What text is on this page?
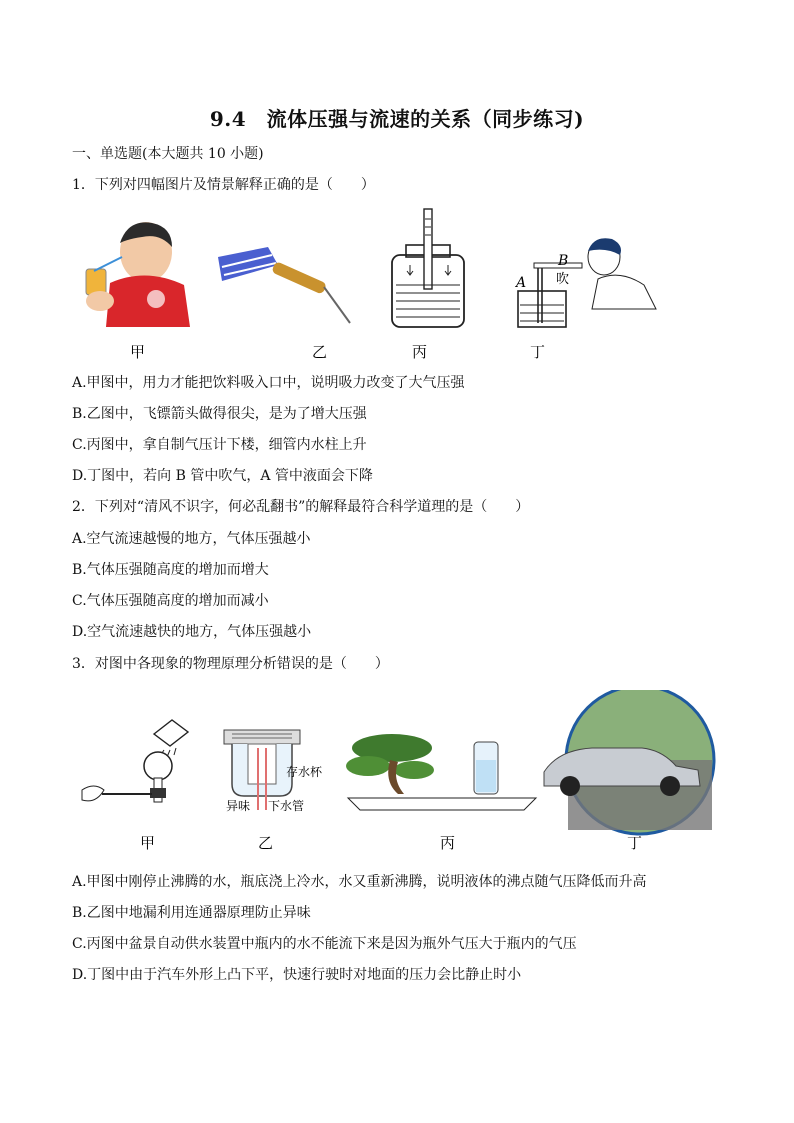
9.4　流体压强与流速的关系（同步练习)
一、单选题(本大题共 10 小题)
1．下列对四幅图片及情景解释正确的是（　　）
A
B
吹
甲	乙	丙	丁
A.甲图中，用力才能把饮料吸入口中，说明吸力改变了大气压强
B.乙图中，飞镖箭头做得很尖，是为了增大压强
C.丙图中，拿自制气压计下楼，细管内水柱上升
D.丁图中，若向 B 管中吹气，A 管中液面会下降
2．下列对“清风不识字，何必乱翻书”的解释最符合科学道理的是（　　）
A.空气流速越慢的地方，气体压强越小
B.气体压强随高度的增加而增大
C.气体压强随高度的增加而减小
D.空气流速越快的地方，气体压强越小
3．对图中各现象的物理原理分析错误的是（　　）
存水杯
异味 下水管
甲	乙	丙	丁
A.甲图中刚停止沸腾的水，瓶底浇上冷水，水又重新沸腾，说明液体的沸点随气压降低而升高
B.乙图中地漏利用连通器原理防止异味
C.丙图中盆景自动供水装置中瓶内的水不能流下来是因为瓶外气压大于瓶内的气压
D.丁图中由于汽车外形上凸下平，快速行驶时对地面的压力会比静止时小
